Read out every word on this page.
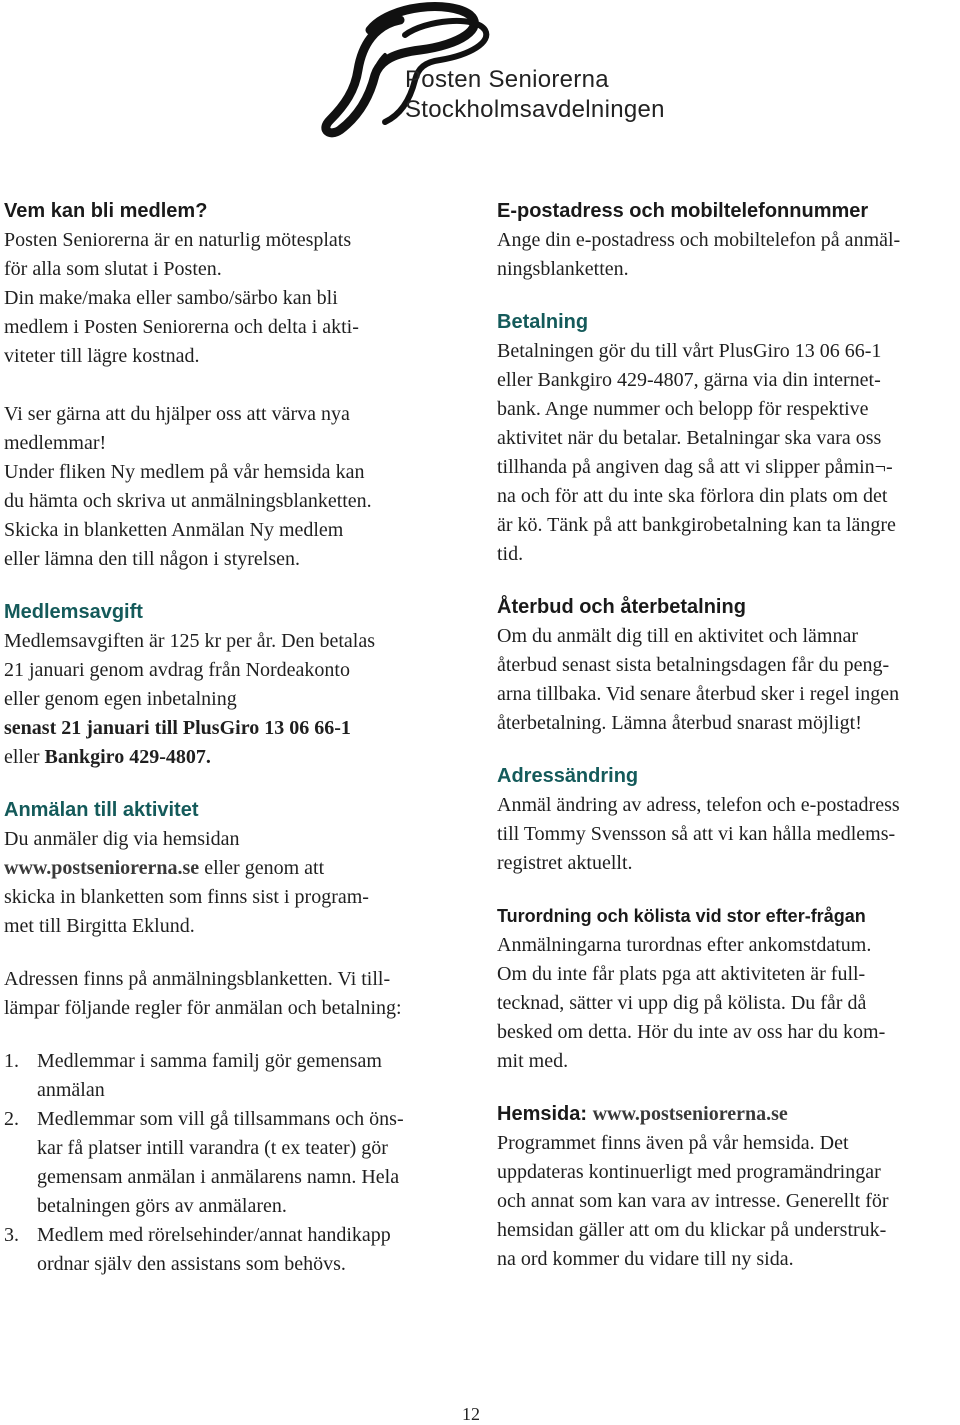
Posten Seniorerna
Stockholmsavdelningen
Vem kan bli medlem?
Posten Seniorerna är en naturlig mötesplats
för alla som slutat i Posten.
Din make/maka eller sambo/särbo kan bli
medlem i Posten Seniorerna och delta i akti-
viteter till lägre kostnad.
Vi ser gärna att du hjälper oss att värva nya
medlemmar!
Under fliken Ny medlem på vår hemsida kan
du hämta och skriva ut anmälningsblanketten.
Skicka in blanketten Anmälan Ny medlem
eller lämna den till någon i styrelsen.
Medlemsavgift
Medlemsavgiften är 125 kr per år. Den betalas
21 januari genom avdrag från Nordeakonto
eller genom egen inbetalning
senast 21 januari till PlusGiro 13 06 66-1
eller Bankgiro 429-4807.
Anmälan till aktivitet
Du anmäler dig via hemsidan
www.postseniorerna.se eller genom att
skicka in blanketten som finns sist i program-
met till Birgitta Eklund.
Adressen finns på anmälningsblanketten. Vi till-
lämpar följande regler för anmälan och betalning:
1. Medlemmar i samma familj gör gemensam
anmälan
2. Medlemmar som vill gå tillsammans och öns-
kar få platser intill varandra (t ex teater) gör
gemensam anmälan i anmälarens namn. Hela
betalningen görs av anmälaren.
3. Medlem med rörelsehinder/annat handikapp
ordnar själv den assistans som behövs.
E-postadress och mobiltelefonnummer
Ange din e-postadress och mobiltelefon på anmäl-
ningsblanketten.
Betalning
Betalningen gör du till vårt PlusGiro 13 06 66-1
eller Bankgiro 429-4807, gärna via din internet-
bank. Ange nummer och belopp för respektive
aktivitet när du betalar. Betalningar ska vara oss
tillhanda på angiven dag så att vi slipper påmin¬-
na och för att du inte ska förlora din plats om det
är kö. Tänk på att bankgirobetalning kan ta längre
tid.
Återbud och återbetalning
Om du anmält dig till en aktivitet och lämnar
återbud senast sista betalningsdagen får du peng-
arna tillbaka. Vid senare återbud sker i regel ingen
återbetalning. Lämna återbud snarast möjligt!
Adressändring
Anmäl ändring av adress, telefon och e-postadress
till Tommy Svensson så att vi kan hålla medlems-
registret aktuellt.
Turordning och kölista vid stor efter-frågan
Anmälningarna turordnas efter ankomstdatum.
Om du inte får plats pga att aktiviteten är full-
tecknad, sätter vi upp dig på kölista. Du får då
besked om detta. Hör du inte av oss har du kom-
mit med.
Hemsida: www.postseniorerna.se
Programmet finns även på vår hemsida. Det
uppdateras kontinuerligt med programändringar
och annat som kan vara av intresse. Generellt för
hemsidan gäller att om du klickar på understruk-
na ord kommer du vidare till ny sida.
12
